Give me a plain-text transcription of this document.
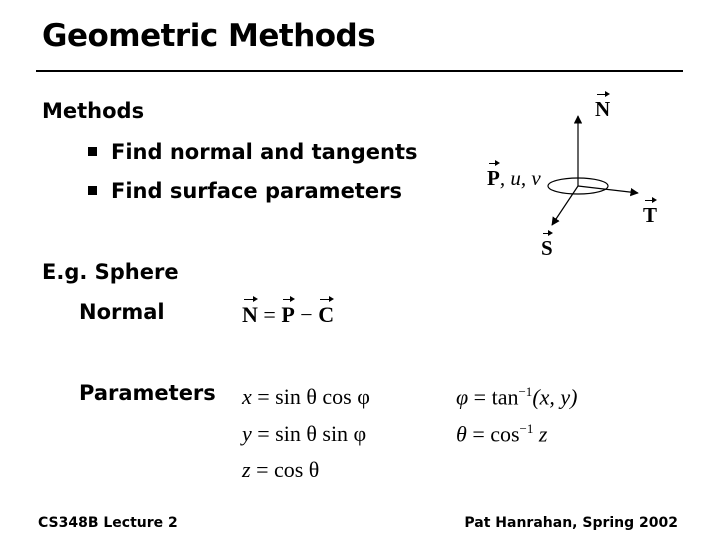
Geometric Methods
Methods
Find normal and tangents
Find surface parameters
E.g. Sphere
Normal
Parameters
N = P − C
x = sin θ cos φ
y = sin θ sin φ
z = cos θ
$\varphi = \tan^{-1}(x$, y)
$\theta = \cos^{-1} z$
N
T
S
P, u, v
CS348B Lecture 2	Pat Hanrahan, Spring 2002
